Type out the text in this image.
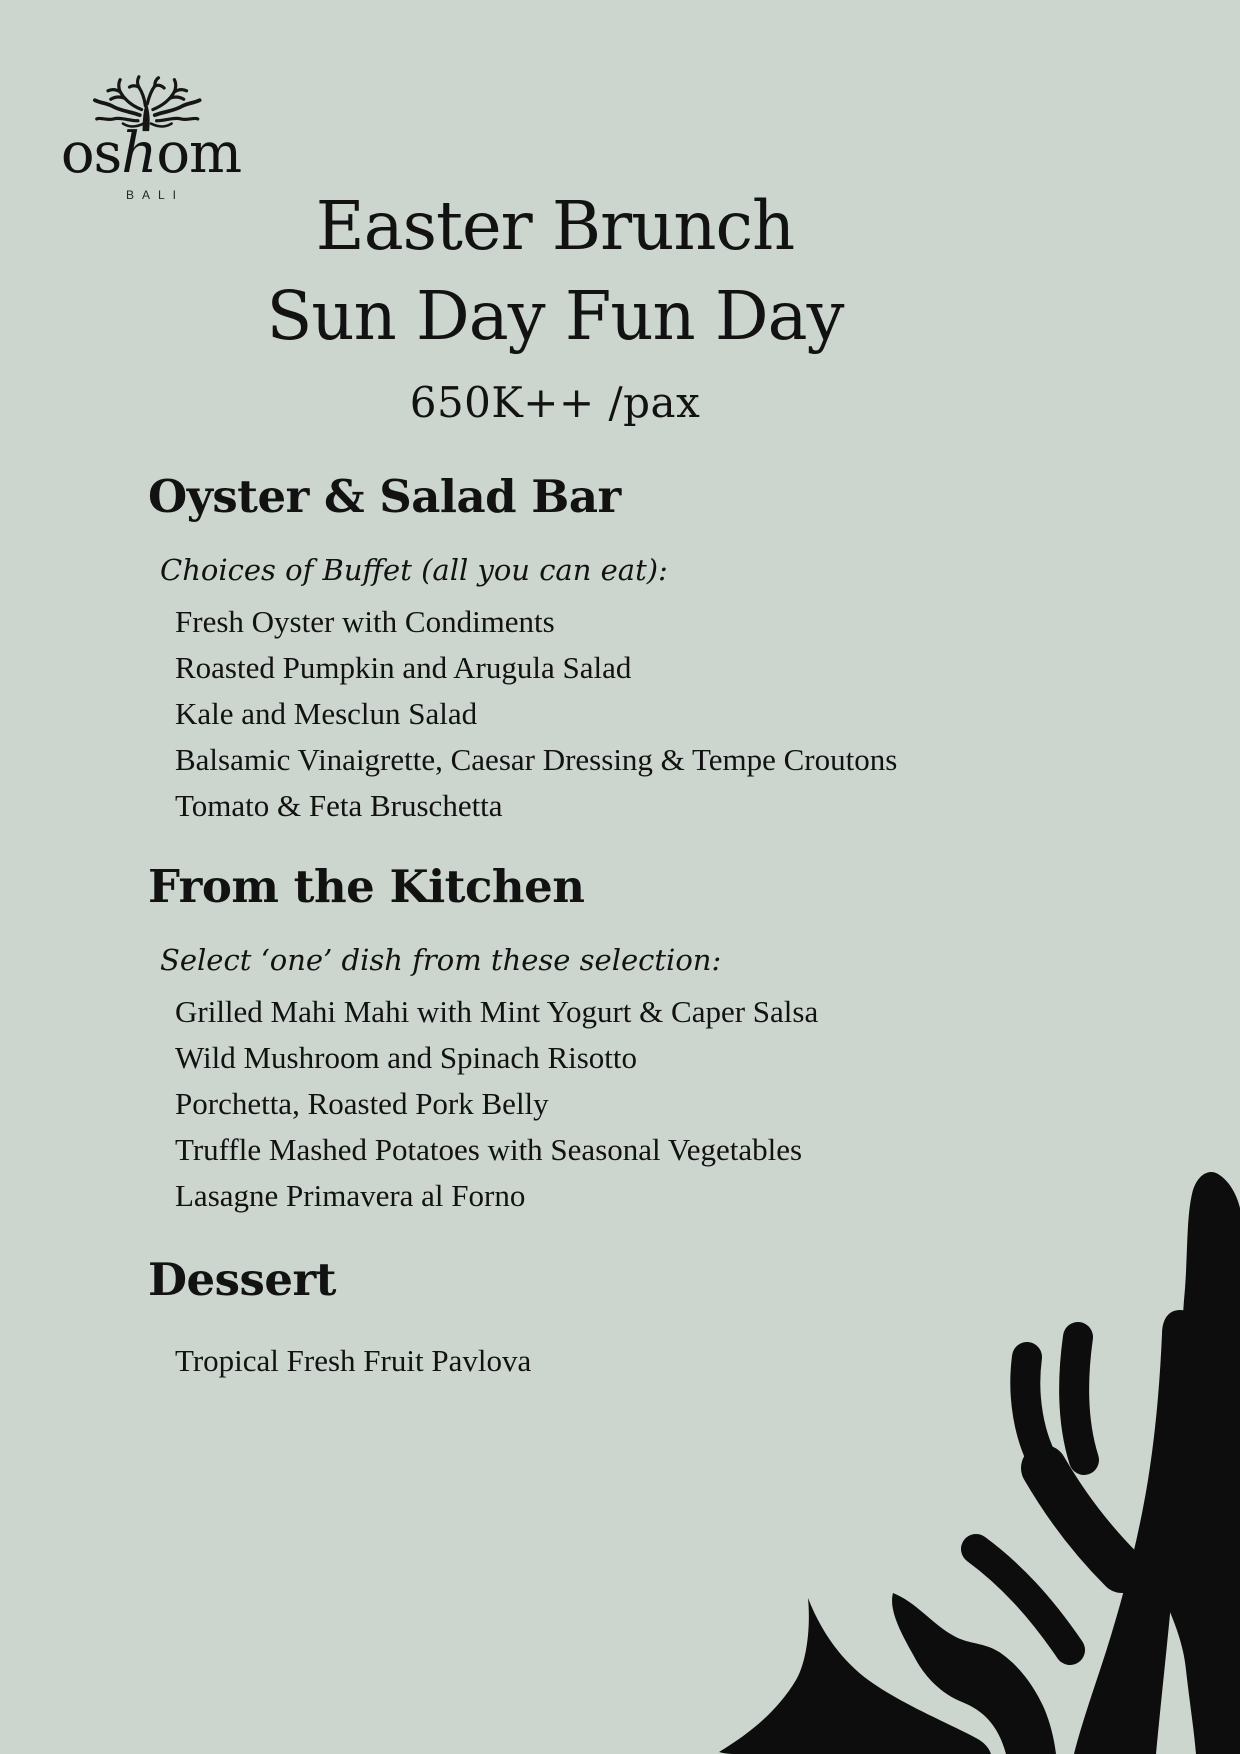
oshom
BALI	Easter Brunch
Sun Day Fun Day
650K++ /pax
Oyster & Salad Bar
Choices of Buffet (all you can eat):
Fresh Oyster with Condiments
Roasted Pumpkin and Arugula Salad
Kale and Mesclun Salad
Balsamic Vinaigrette, Caesar Dressing & Tempe Croutons
Tomato & Feta Bruschetta
From the Kitchen
Select ‘one’ dish from these selection:
Grilled Mahi Mahi with Mint Yogurt & Caper Salsa
Wild Mushroom and Spinach Risotto
Porchetta, Roasted Pork Belly
Truffle Mashed Potatoes with Seasonal Vegetables
Lasagne Primavera al Forno
Dessert
Tropical Fresh Fruit Pavlova
